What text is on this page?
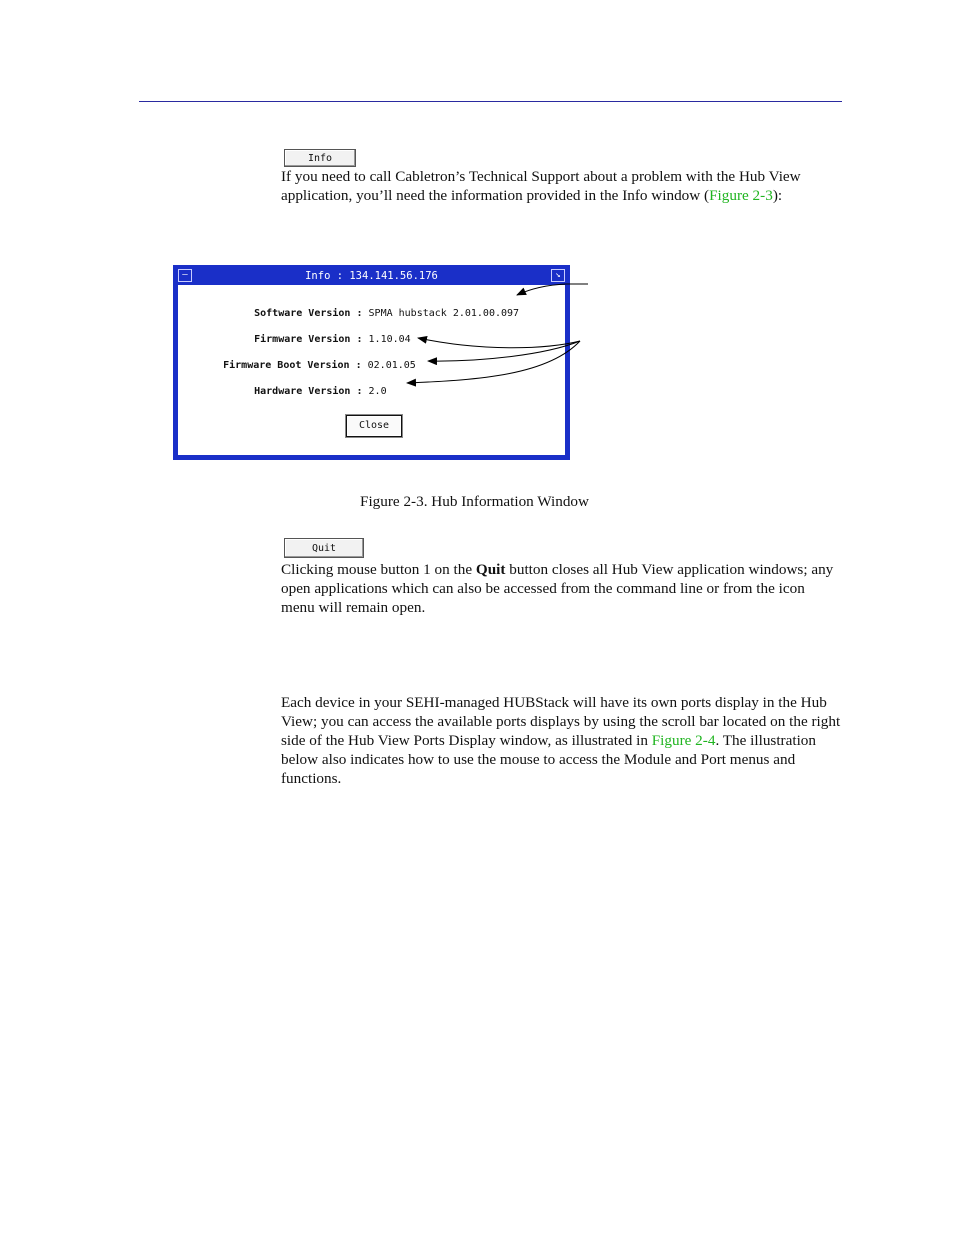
Info

If you need to call Cabletron’s Technical Support about a problem with the Hub View application, you’ll need the information provided in the Info window (Figure 2-3):

—	Info : 134.141.56.176	↘

Software Version : SPMA hubstack 2.01.00.097

Firmware Version : 1.10.04

Firmware Boot Version : 02.01.05

Hardware Version : 2.0

Close
Figure 2-3. Hub Information Window
Quit

Clicking mouse button 1 on the Quit button closes all Hub View application windows; any open applications which can also be accessed from the command line or from the icon menu will remain open.

Each device in your SEHI-managed HUBStack will have its own ports display in the Hub View; you can access the available ports displays by using the scroll bar located on the right side of the Hub View Ports Display window, as illustrated in Figure 2-4. The illustration below also indicates how to use the mouse to access the Module and Port menus and functions.
